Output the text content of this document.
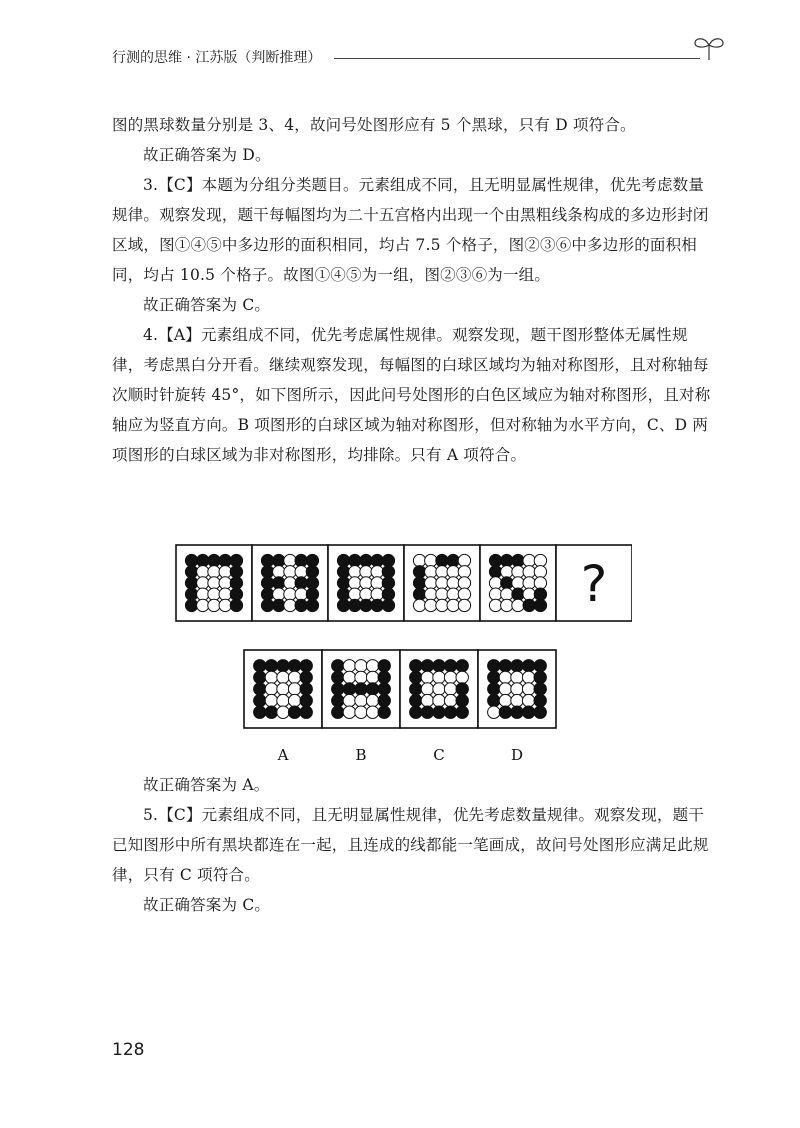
行测的思维 · 江苏版（判断推理）

图的黑球数量分别是 3、4，故问号处图形应有 5 个黑球，只有 D 项符合。

故正确答案为 D。

3.【C】本题为分组分类题目。元素组成不同，且无明显属性规律，优先考虑数量规律。观察发现，题干每幅图均为二十五宫格内出现一个由黑粗线条构成的多边形封闭区域，图①④⑤中多边形的面积相同，均占 7.5 个格子，图②③⑥中多边形的面积相同，均占 10.5 个格子。故图①④⑤为一组，图②③⑥为一组。

故正确答案为 C。

4.【A】元素组成不同，优先考虑属性规律。观察发现，题干图形整体无属性规律，考虑黑白分开看。继续观察发现，每幅图的白球区域均为轴对称图形，且对称轴每次顺时针旋转 45°，如下图所示，因此问号处图形的白色区域应为轴对称图形，且对称轴应为竖直方向。B 项图形的白球区域为轴对称图形，但对称轴为水平方向，C、D 两项图形的白球区域为非对称图形，均排除。只有 A 项符合。

?
A	B	C	D

故正确答案为 A。

5.【C】元素组成不同，且无明显属性规律，优先考虑数量规律。观察发现，题干已知图形中所有黑块都连在一起，且连成的线都能一笔画成，故问号处图形应满足此规律，只有 C 项符合。

故正确答案为 C。

128
